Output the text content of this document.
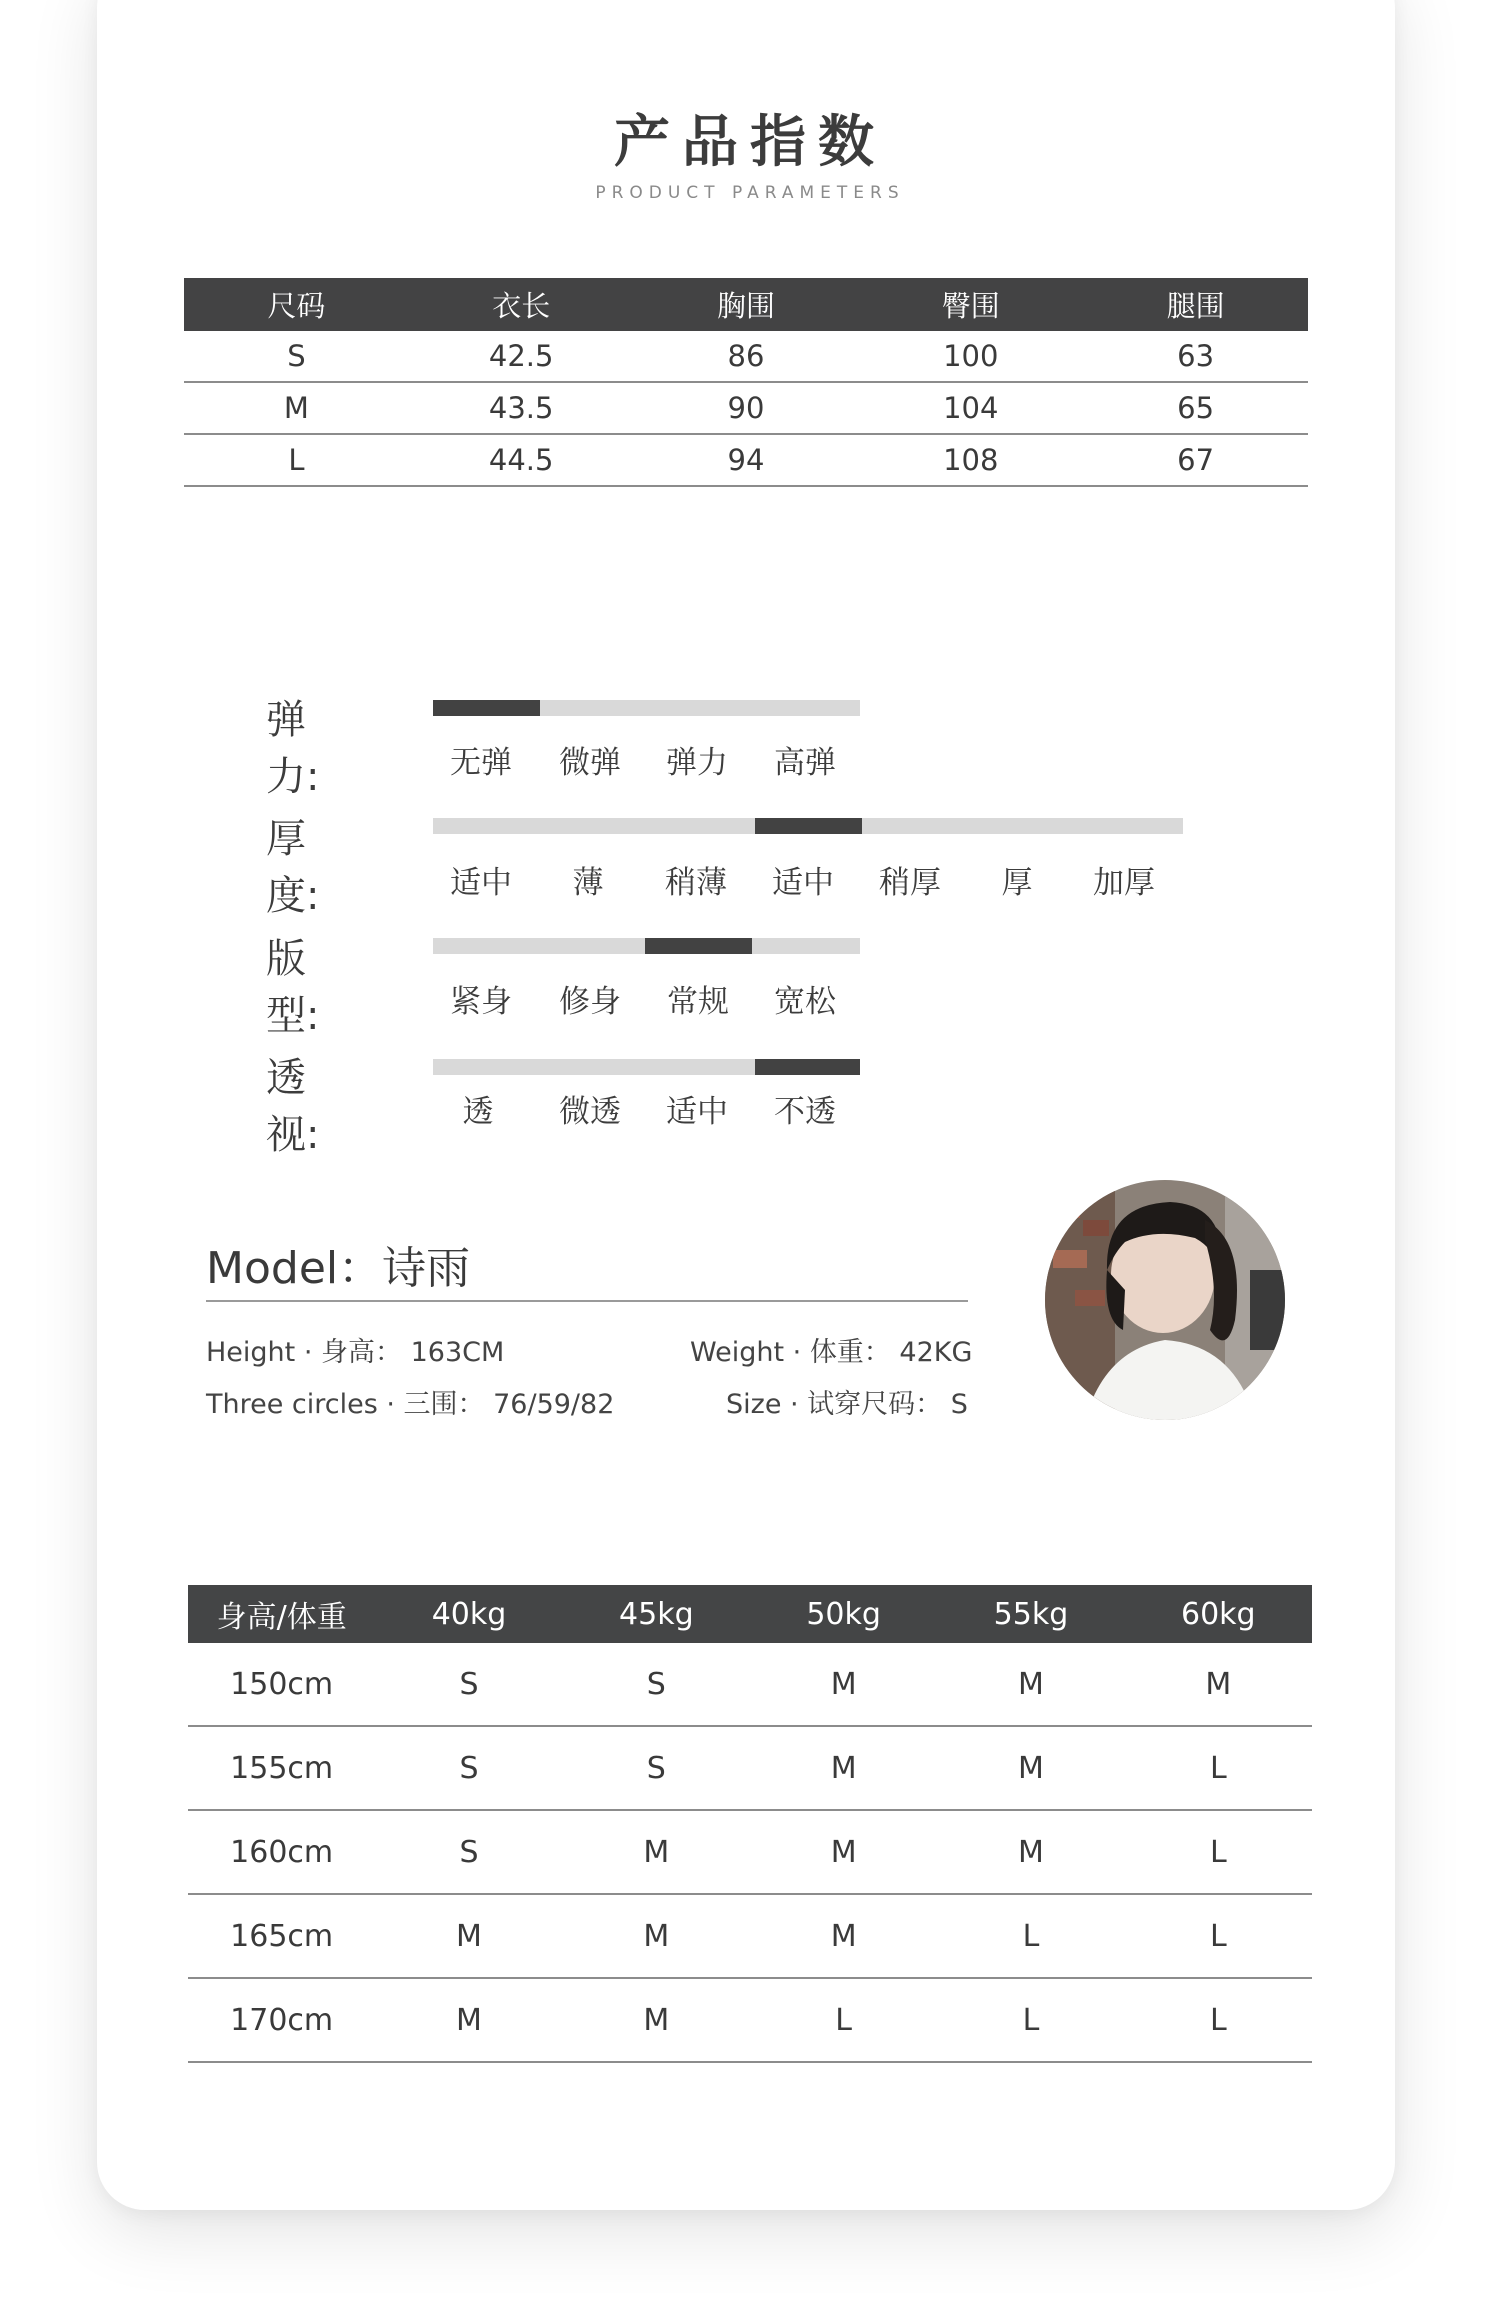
产品指数
PRODUCT PARAMETERS
尺码	衣长	胸围	臀围	腿围
S	42.5	86	100	63
M	43.5	90	104	65
L	44.5	94	108	67
弹力:	无弹	微弹	弹力	高弹
厚度:	适中	薄	稍薄	适中	稍厚	厚	加厚
版型:	紧身	修身	常规	宽松
透视:	透	微透	适中	不透
Model：诗雨
Height · 身高： 163CM	Weight · 体重： 42KG
Three circles · 三围： 76/59/82	Size · 试穿尺码： S
身高/体重	40kg	45kg	50kg	55kg	60kg
150cm	S	S	M	M	M
155cm	S	S	M	M	L
160cm	S	M	M	M	L
165cm	M	M	M	L	L
170cm	M	M	L	L	L
